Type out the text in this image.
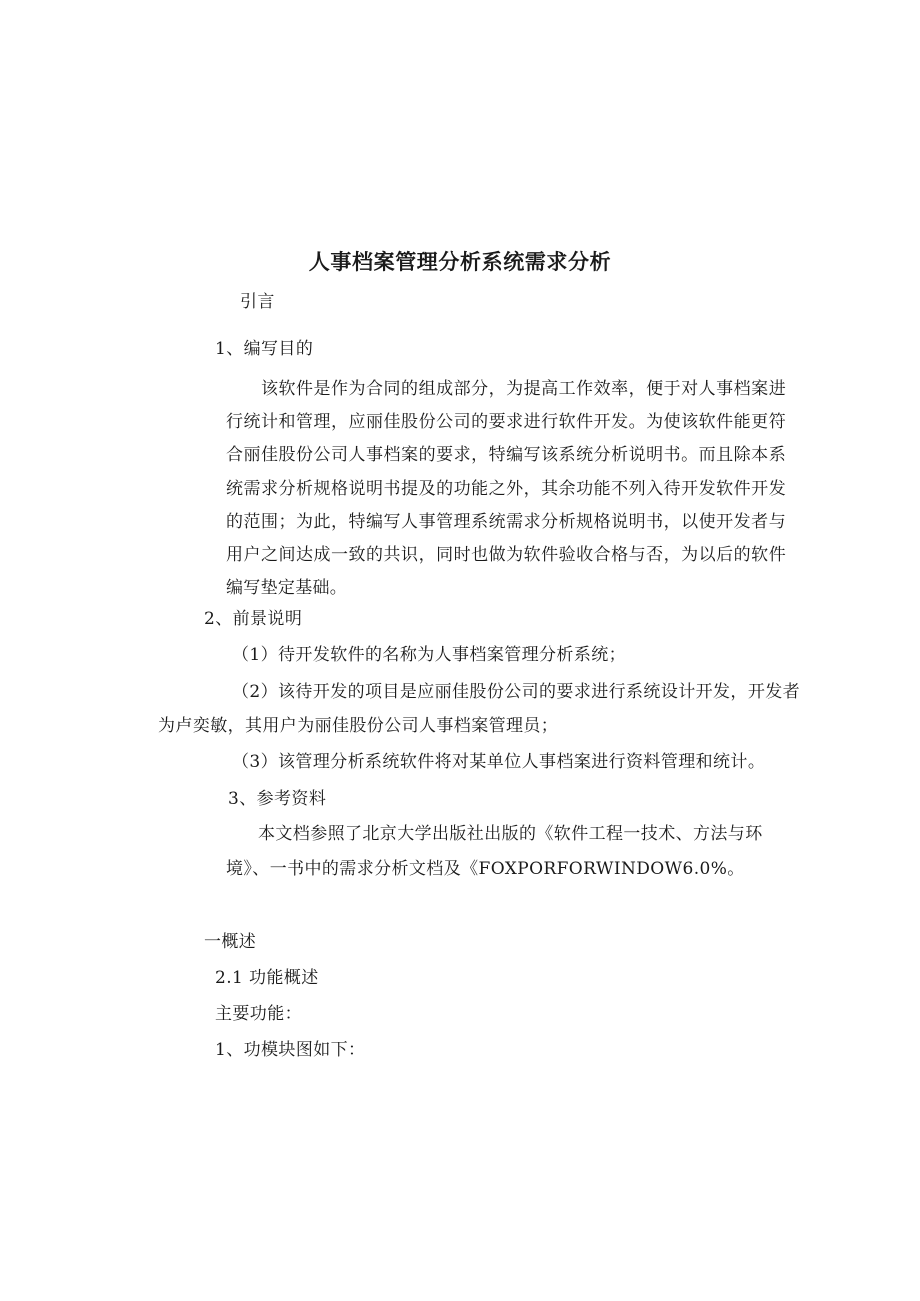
人事档案管理分析系统需求分析
引言
1、编写目的
　　该软件是作为合同的组成部分，为提高工作效率，便于对人事档案进行统计和管理，应丽佳股份公司的要求进行软件开发。为使该软件能更符合丽佳股份公司人事档案的要求，特编写该系统分析说明书。而且除本系统需求分析规格说明书提及的功能之外，其余功能不列入待开发软件开发的范围；为此，特编写人事管理系统需求分析规格说明书，以使开发者与用户之间达成一致的共识，同时也做为软件验收合格与否，为以后的软件编写垫定基础。
2、前景说明
（1）待开发软件的名称为人事档案管理分析系统；
（2）该待开发的项目是应丽佳股份公司的要求进行系统设计开发，开发者
为卢奕敏，其用户为丽佳股份公司人事档案管理员；
（3）该管理分析系统软件将对某单位人事档案进行资料管理和统计。
3、参考资料
本文档参照了北京大学出版社出版的《软件工程一技术、方法与环
境》、一书中的需求分析文档及《FOXPORFORWINDOW6.0%。
一概述
2.1 功能概述
主要功能：
1、功模块图如下：
